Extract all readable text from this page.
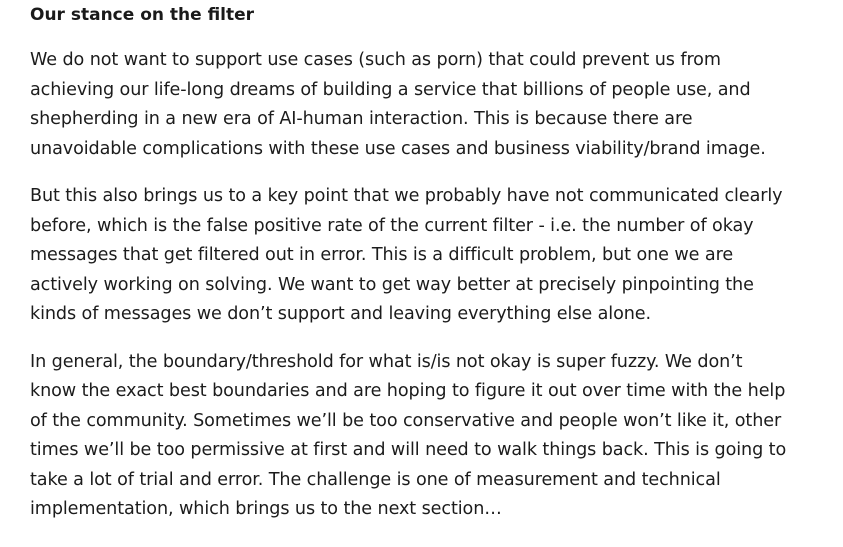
Our stance on the filter

We do not want to support use cases (such as porn) that could prevent us from
achieving our life-long dreams of building a service that billions of people use, and
shepherding in a new era of AI-human interaction. This is because there are
unavoidable complications with these use cases and business viability/brand image.

But this also brings us to a key point that we probably have not communicated clearly
before, which is the false positive rate of the current filter - i.e. the number of okay
messages that get filtered out in error. This is a difficult problem, but one we are
actively working on solving. We want to get way better at precisely pinpointing the
kinds of messages we don’t support and leaving everything else alone.

In general, the boundary/threshold for what is/is not okay is super fuzzy. We don’t
know the exact best boundaries and are hoping to figure it out over time with the help
of the community. Sometimes we’ll be too conservative and people won’t like it, other
times we’ll be too permissive at first and will need to walk things back. This is going to
take a lot of trial and error. The challenge is one of measurement and technical
implementation, which brings us to the next section…
